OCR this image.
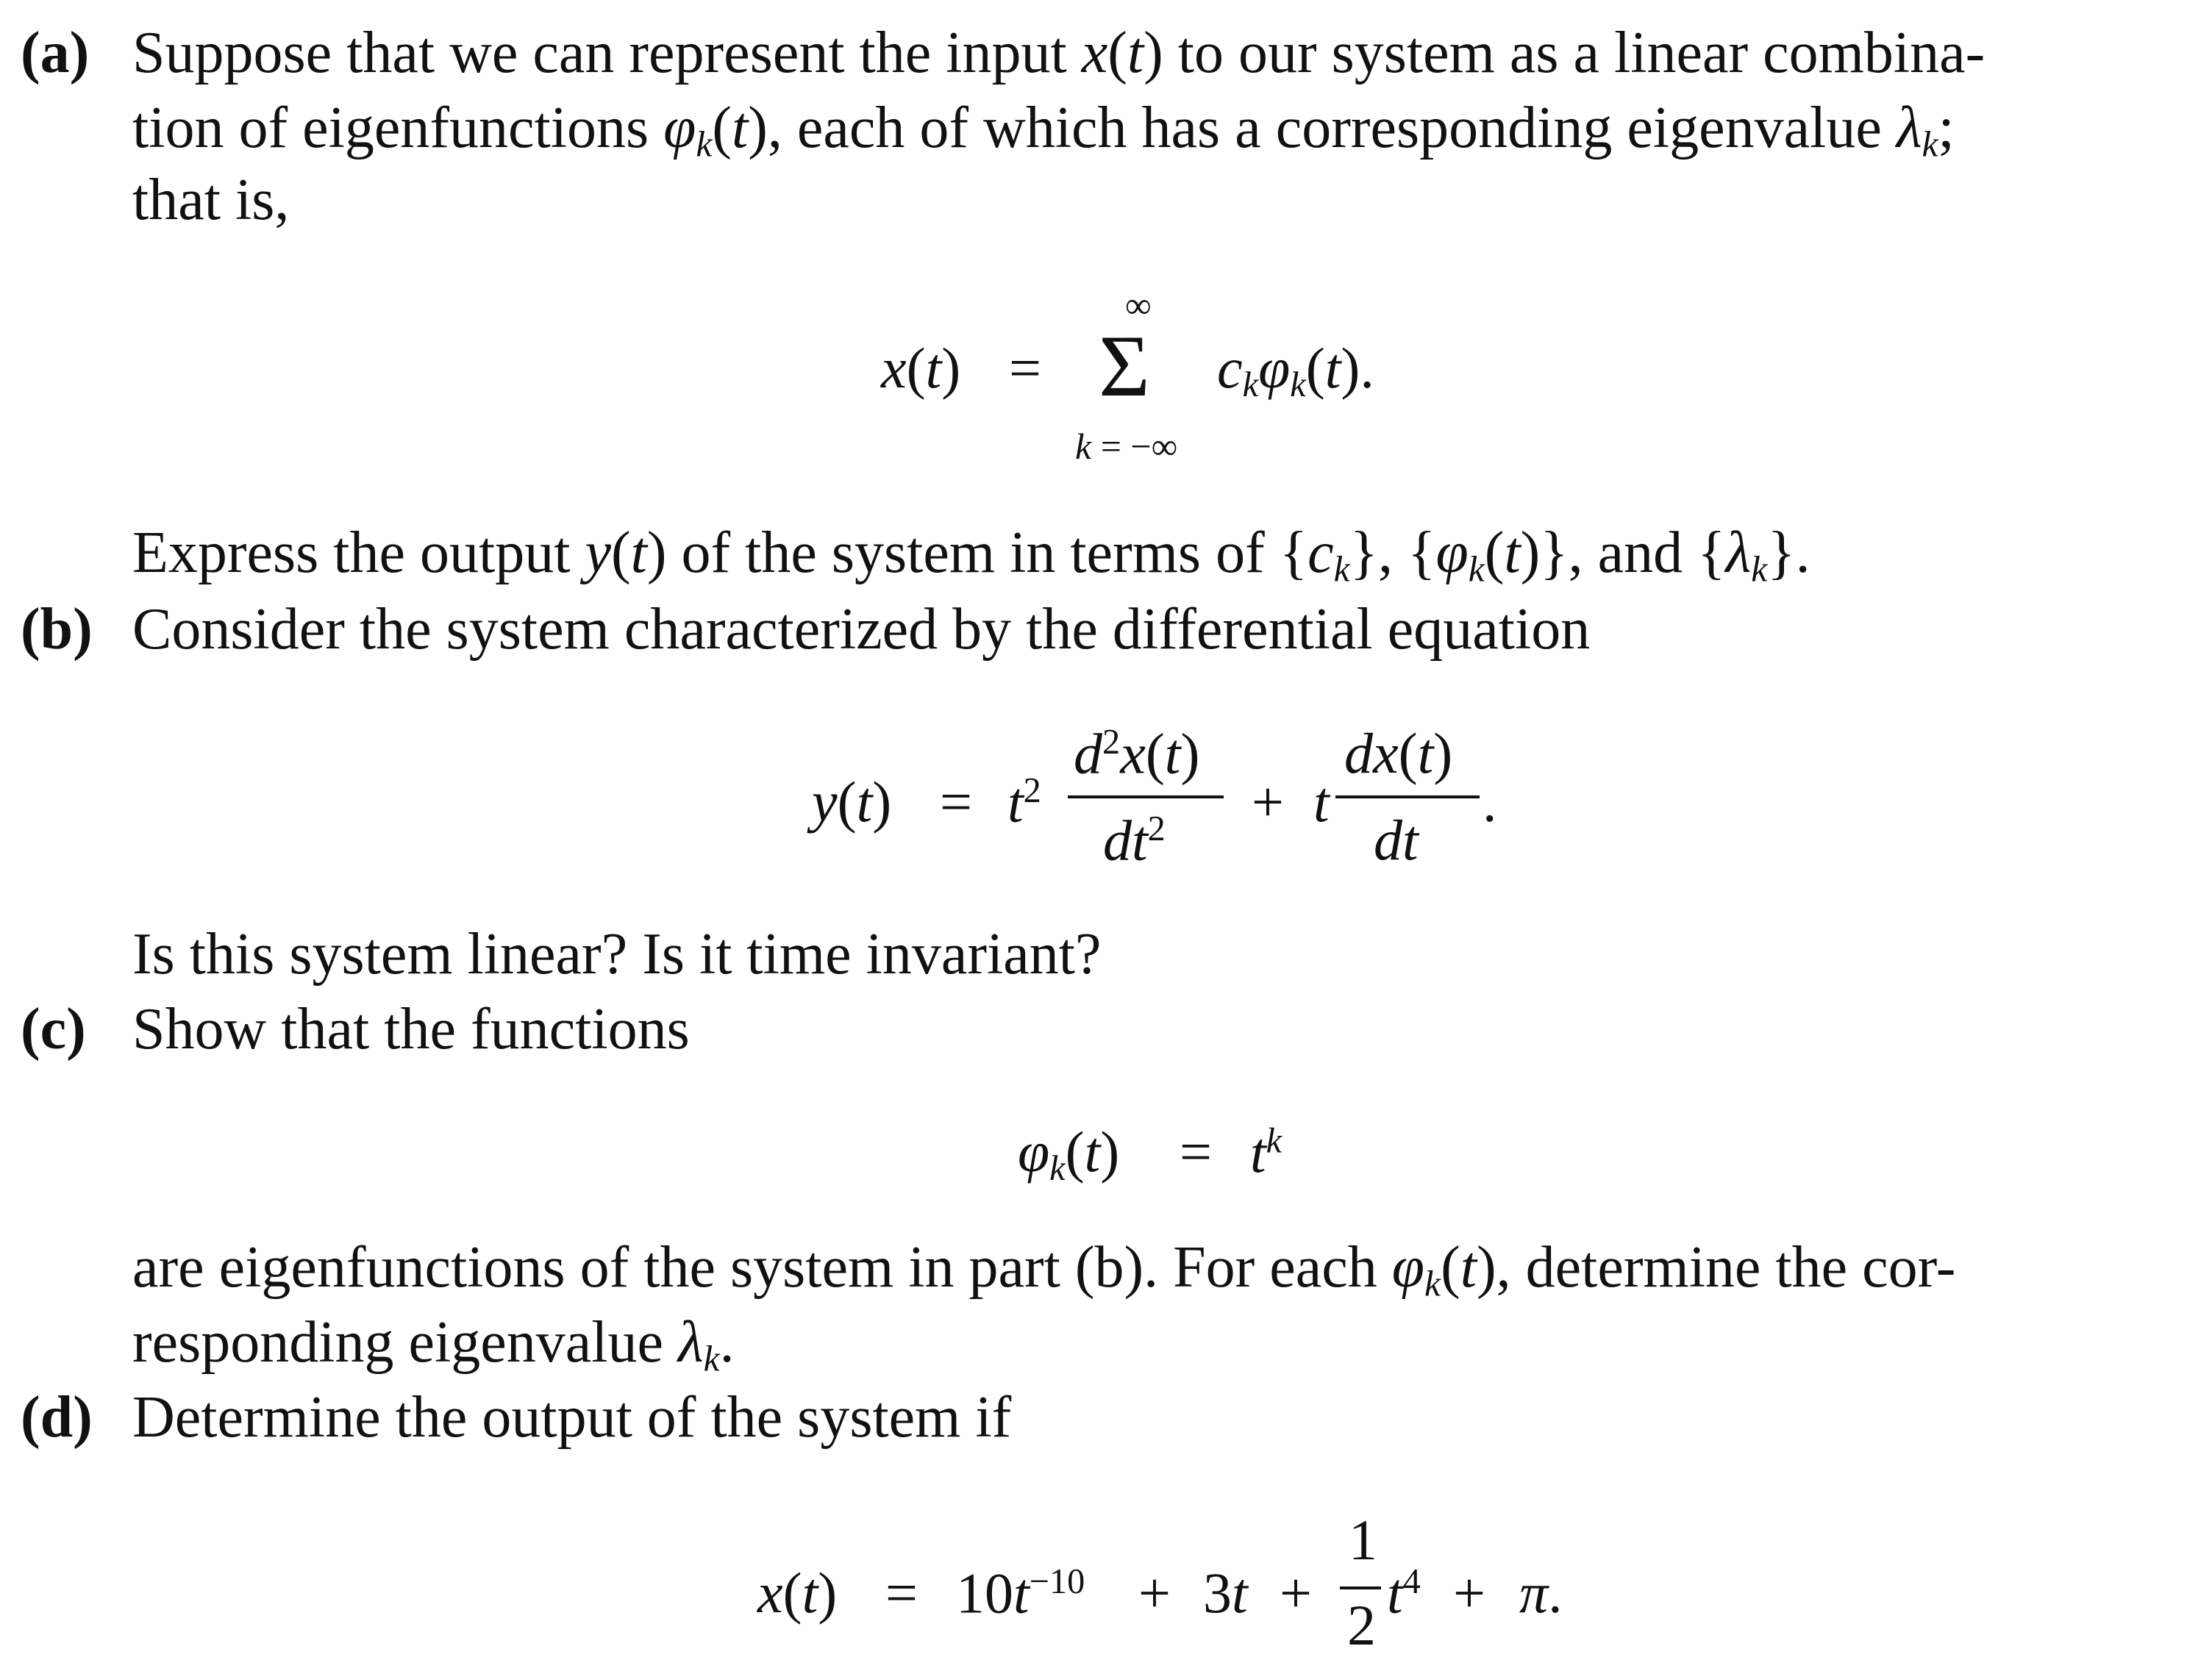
(a) Suppose that we can represent the input x(t) to our system as a linear combina-
tion of eigenfunctions $\varphi_k(t)$, each of which has a corresponding eigenvalue $\lambda_k$;
that is,
x(t) =
∞
Σ
k = −∞
$c_k\varphi_k(t)$.
Express the output y(t) of the system in terms of $\{c_k\}$, $\{\varphi_k(t)\}$, and $\{\lambda_k\}$.
(b) Consider the system characterized by the differential equation
$y(t) = t^2$
$d^2x(t)$
$dt^2 + t$
dx(t)
dt
.
Is this system linear? Is it time invariant?
(c) Show that the functions
$\varphi_k(t) = t^k$
are eigenfunctions of the system in part (b). For each $\varphi_k(t)$, determine the cor-
responding eigenvalue $\lambda_k$.
(d) Determine the output of the system if
$x(t) = 10t^{-10} + 3t$ +
1
2 $t^4 + \pi$.
